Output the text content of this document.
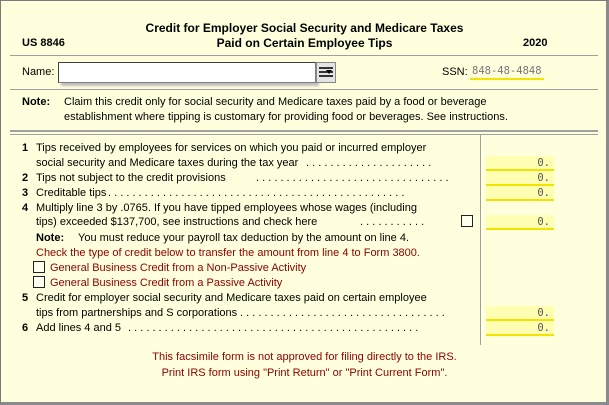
Credit for Employer Social Security and Medicare Taxes
Paid on Certain Employee Tips
US 8846	2020
Name:	SSN: 848-48-4848
Note: Claim this credit only for social security and Medicare taxes paid by a food or beverage
establishment where tipping is customary for providing food or beverages. See instructions.
1 Tips received by employees for services on which you paid or incurred employer
social security and Medicare taxes during the tax year . . . . . . . . . . . . . . . . . . . . .	0.
2 Tips not subject to the credit provisions	. . . . . . . . . . . . . . . . . . . . . . . . . . . . . . . .	0.
3 Creditable tips . . . . . . . . . . . . . . . . . . . . . . . . . . . . . . . . . . . . . . . . . . . . . . . . .	0.
4 Multiply line 3 by .0765. If you have tipped employees whose wages (including
tips) exceeded $137,700, see instructions and check here	. . . . . . . . . . .	0.
Note: You must reduce your payroll tax deduction by the amount on line 4.
Check the type of credit below to transfer the amount from line 4 to Form 3800.
General Business Credit from a Non-Passive Activity
General Business Credit from a Passive Activity
5 Credit for employer social security and Medicare taxes paid on certain employee
tips from partnerships and S corporations . . . . . . . . . . . . . . . . . . . . . . . . . . . . . . . . . .	0.
6 Add lines 4 and 5 . . . . . . . . . . . . . . . . . . . . . . . . . . . . . . . . . . . . . . . . . . . . . . . .	0.
This facsimile form is not approved for filing directly to the IRS.
Print IRS form using "Print Return" or "Print Current Form".
